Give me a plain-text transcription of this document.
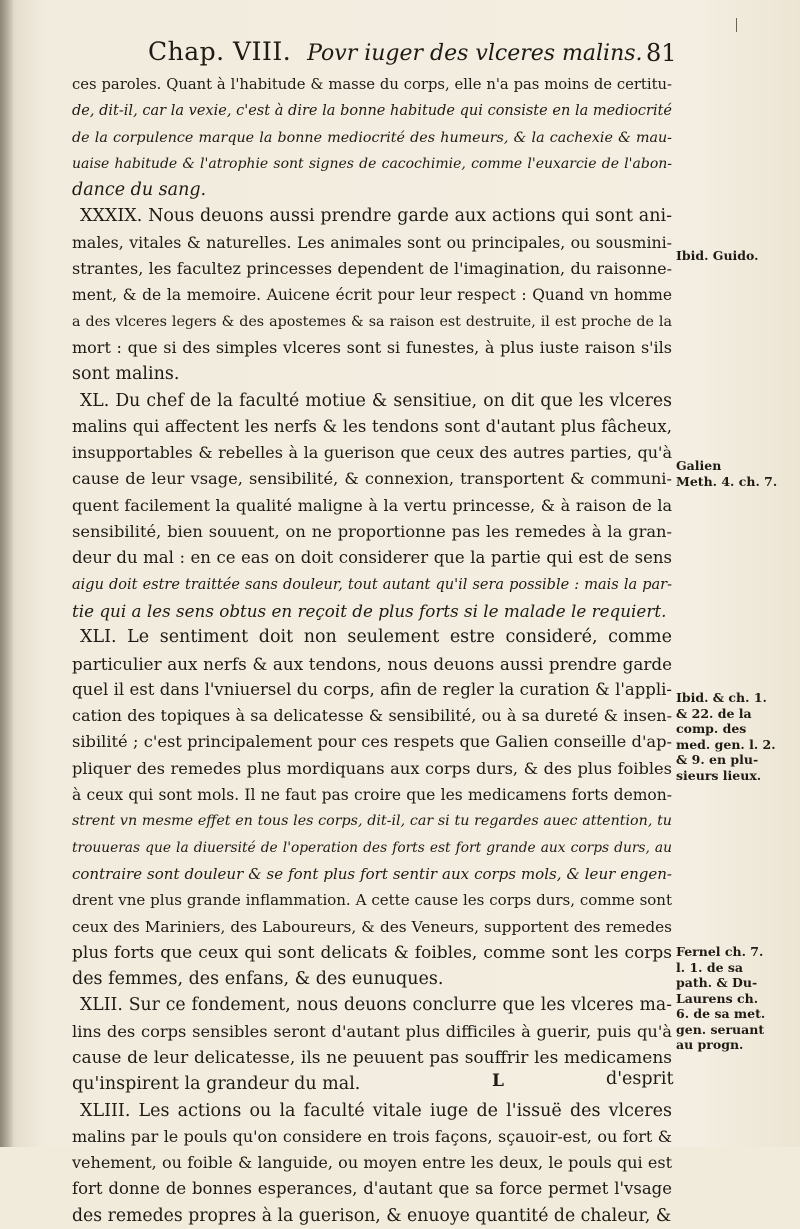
Chap. VIII. Povr iuger des vlceres malins. 81
ces paroles. Quant à l'habitude & masse du corps, elle n'a pas moins de certitu-
de, dit-il, car la vexie, c'est à dire la bonne habitude qui consiste en la mediocrité
de la corpulence marque la bonne mediocrité des humeurs, & la cachexie & mau-
uaise habitude & l'atrophie sont signes de cacochimie, comme l'euxarcie de l'abon-
dance du sang.
XXXIX. Nous deuons aussi prendre garde aux actions qui sont ani-
males, vitales & naturelles. Les animales sont ou principales, ou sousmini-
strantes, les facultez princesses dependent de l'imagination, du raisonne-
ment, & de la memoire. Auicene écrit pour leur respect : Quand vn homme
a des vlceres legers & des apostemes & sa raison est destruite, il est proche de la
mort : que si des simples vlceres sont si funestes, à plus iuste raison s'ils
sont malins.
XL. Du chef de la faculté motiue & sensitiue, on dit que les vlceres
malins qui affectent les nerfs & les tendons sont d'autant plus fâcheux,
insupportables & rebelles à la guerison que ceux des autres parties, qu'à
cause de leur vsage, sensibilité, & connexion, transportent & communi-
quent facilement la qualité maligne à la vertu princesse, & à raison de la
sensibilité, bien souuent, on ne proportionne pas les remedes à la gran-
deur du mal : en ce eas on doit considerer que la partie qui est de sens
aigu doit estre traittée sans douleur, tout autant qu'il sera possible : mais la par-
tie qui a les sens obtus en reçoit de plus forts si le malade le requiert.
XLI. Le sentiment doit non seulement estre consideré, comme
particulier aux nerfs & aux tendons, nous deuons aussi prendre garde
quel il est dans l'vniuersel du corps, afin de regler la curation & l'appli-
cation des topiques à sa delicatesse & sensibilité, ou à sa dureté & insen-
sibilité ; c'est principalement pour ces respets que Galien conseille d'ap-
pliquer des remedes plus mordiquans aux corps durs, & des plus foibles
à ceux qui sont mols. Il ne faut pas croire que les medicamens forts demon-
strent vn mesme effet en tous les corps, dit-il, car si tu regardes auec attention, tu
trouueras que la diuersité de l'operation des forts est fort grande aux corps durs, au
contraire sont douleur & se font plus fort sentir aux corps mols, & leur engen-
drent vne plus grande inflammation. A cette cause les corps durs, comme sont
ceux des Mariniers, des Laboureurs, & des Veneurs, supportent des remedes
plus forts que ceux qui sont delicats & foibles, comme sont les corps
des femmes, des enfans, & des eunuques.
XLII. Sur ce fondement, nous deuons conclurre que les vlceres ma-
lins des corps sensibles seront d'autant plus difficiles à guerir, puis qu'à
cause de leur delicatesse, ils ne peuuent pas souffrir les medicamens
qu'inspirent la grandeur du mal.
XLIII. Les actions ou la faculté vitale iuge de l'issuë des vlceres
malins par le pouls qu'on considere en trois façons, sçauoir-est, ou fort &
vehement, ou foible & languide, ou moyen entre les deux, le pouls qui est
fort donne de bonnes esperances, d'autant que sa force permet l'vsage
des remedes propres à la guerison, & enuoye quantité de chaleur, &
Ibid. Guido.
Galien
Meth. 4. ch. 7.
Ibid. & ch. 1.
& 22. de la
comp. des
med. gen. l. 2.
& 9. en plu-
sieurs lieux.
Fernel ch. 7.
l. 1. de sa
path. & Du-
Laurens ch.
6. de sa met.
gen. seruant
au progn.
L	d'esprit
